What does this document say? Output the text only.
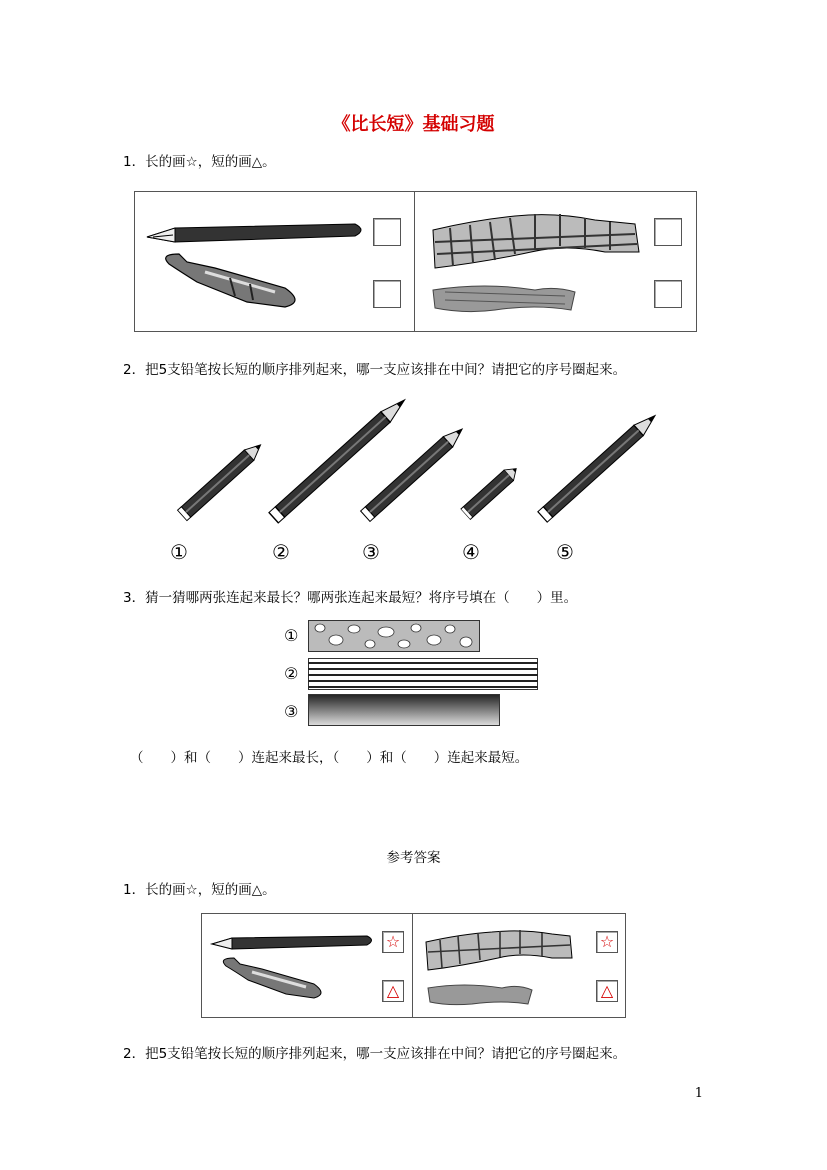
《比长短》基础习题
1．长的画☆，短的画△。
2．把5支铅笔按长短的顺序排列起来，哪一支应该排在中间？请把它的序号圈起来。
①	②	③	④	⑤
3．猜一猜哪两张连起来最长？哪两张连起来最短？将序号填在（　　）里。
①
②
③
（　　）和（　　）连起来最长，（　　）和（　　）连起来最短。
参考答案
1．长的画☆，短的画△。
☆
△
☆
△
2．把5支铅笔按长短的顺序排列起来，哪一支应该排在中间？请把它的序号圈起来。
1
